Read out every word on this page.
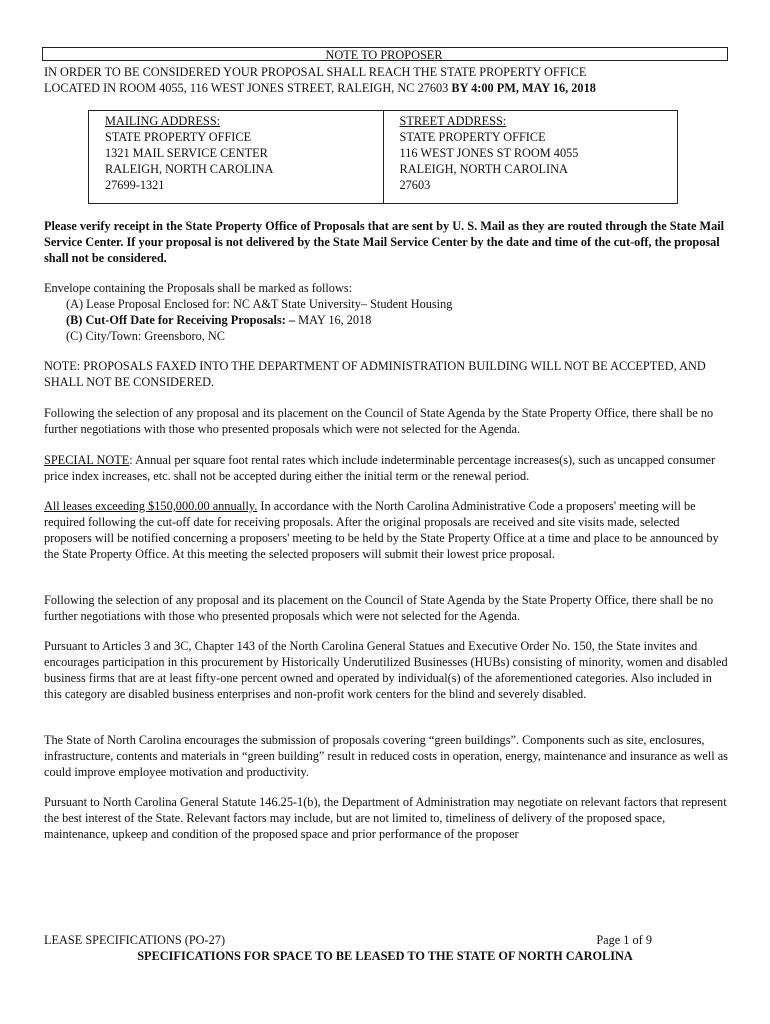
NOTE TO PROPOSER
IN ORDER TO BE CONSIDERED YOUR PROPOSAL SHALL REACH THE STATE PROPERTY OFFICE
LOCATED IN ROOM 4055, 116 WEST JONES STREET, RALEIGH, NC 27603 BY 4:00 PM, MAY 16, 2018
MAILING ADDRESS:
STATE PROPERTY OFFICE
1321 MAIL SERVICE CENTER
RALEIGH, NORTH CAROLINA
27699-1321
STREET ADDRESS:
STATE PROPERTY OFFICE
116 WEST JONES ST ROOM 4055
RALEIGH, NORTH CAROLINA
27603
Please verify receipt in the State Property Office of Proposals that are sent by U. S. Mail as they are routed through the State Mail Service Center. If your proposal is not delivered by the State Mail Service Center by the date and time of the cut-off, the proposal shall not be considered.
Envelope containing the Proposals shall be marked as follows:
(A) Lease Proposal Enclosed for: NC A&T State University– Student Housing
(B) Cut-Off Date for Receiving Proposals: – MAY 16, 2018
(C) City/Town: Greensboro, NC
NOTE: PROPOSALS FAXED INTO THE DEPARTMENT OF ADMINISTRATION BUILDING WILL NOT BE ACCEPTED, AND SHALL NOT BE CONSIDERED.
Following the selection of any proposal and its placement on the Council of State Agenda by the State Property Office, there shall be no further negotiations with those who presented proposals which were not selected for the Agenda.
SPECIAL NOTE: Annual per square foot rental rates which include indeterminable percentage increases(s), such as uncapped consumer price index increases, etc. shall not be accepted during either the initial term or the renewal period.
All leases exceeding $150,000.00 annually. In accordance with the North Carolina Administrative Code a proposers' meeting will be required following the cut-off date for receiving proposals. After the original proposals are received and site visits made, selected proposers will be notified concerning a proposers' meeting to be held by the State Property Office at a time and place to be announced by the State Property Office. At this meeting the selected proposers will submit their lowest price proposal.
Following the selection of any proposal and its placement on the Council of State Agenda by the State Property Office, there shall be no further negotiations with those who presented proposals which were not selected for the Agenda.
Pursuant to Articles 3 and 3C, Chapter 143 of the North Carolina General Statues and Executive Order No. 150, the State invites and encourages participation in this procurement by Historically Underutilized Businesses (HUBs) consisting of minority, women and disabled business firms that are at least fifty-one percent owned and operated by individual(s) of the aforementioned categories. Also included in this category are disabled business enterprises and non-profit work centers for the blind and severely disabled.
The State of North Carolina encourages the submission of proposals covering “green buildings”. Components such as site, enclosures, infrastructure, contents and materials in “green building” result in reduced costs in operation, energy, maintenance and insurance as well as could improve employee motivation and productivity.
Pursuant to North Carolina General Statute 146.25-1(b), the Department of Administration may negotiate on relevant factors that represent the best interest of the State. Relevant factors may include, but are not limited to, timeliness of delivery of the proposed space, maintenance, upkeep and condition of the proposed space and prior performance of the proposer
LEASE SPECIFICATIONS (PO-27)	Page 1 of 9
SPECIFICATIONS FOR SPACE TO BE LEASED TO THE STATE OF NORTH CAROLINA
